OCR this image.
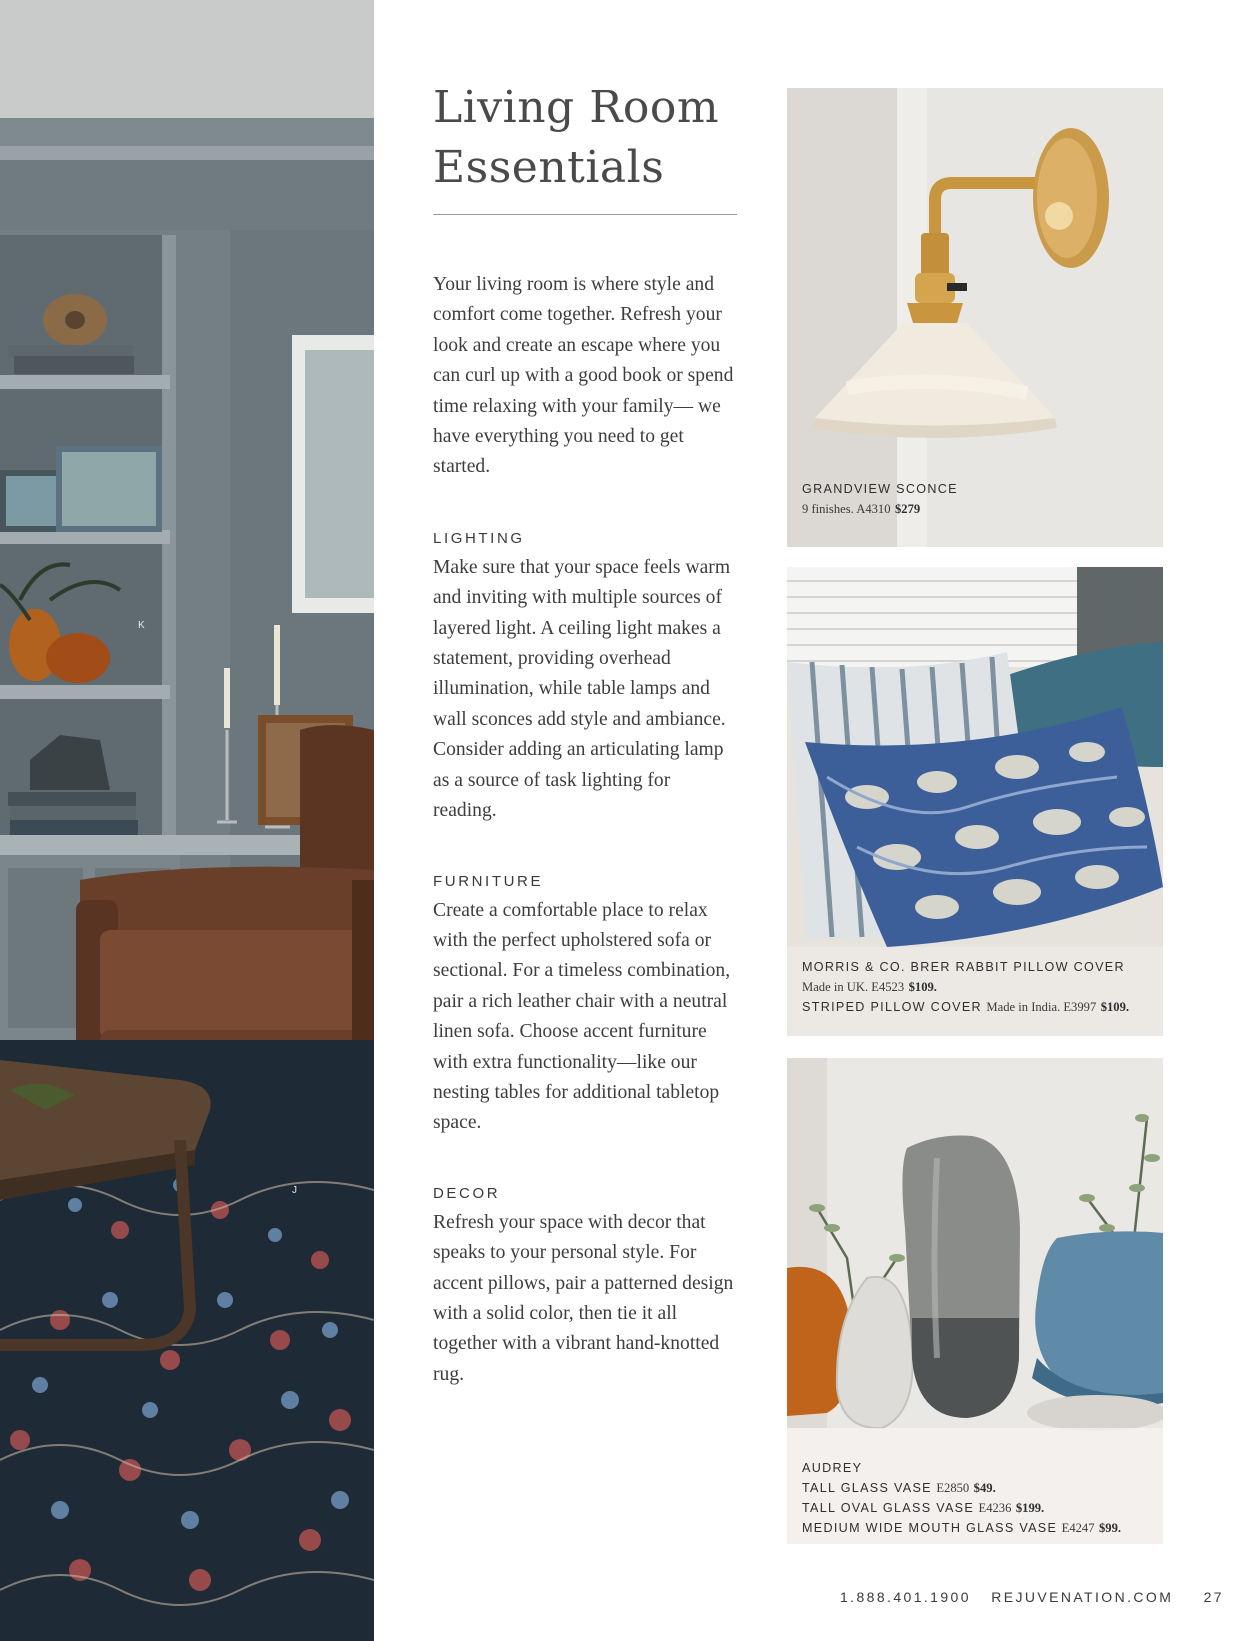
K
J
Living Room
Essentials

Your living room is where style and comfort come together. Refresh your look and create an escape where you can curl up with a good book or spend time relaxing with your family— we have everything you need to get started.

LIGHTING

Make sure that your space feels warm and inviting with multiple sources of layered light. A ceiling light makes a statement, providing overhead illumination, while table lamps and wall sconces add style and ambiance. Consider adding an articulating lamp as a source of task lighting for reading.

FURNITURE

Create a comfortable place to relax with the perfect upholstered sofa or sectional. For a timeless combination, pair a rich leather chair with a neutral linen sofa. Choose accent furniture with extra functionality—like our nesting tables for additional tabletop space.

DECOR

Refresh your space with decor that speaks to your personal style. For accent pillows, pair a patterned design with a solid color, then tie it all together with a vibrant hand-knotted rug.

GRANDVIEW SCONCE
9 finishes. A4310 $279
MORRIS & CO. BRER RABBIT PILLOW COVER
Made in UK. E4523 $109.
STRIPED PILLOW COVER Made in India. E3997 $109.
AUDREY
TALL GLASS VASE E2850 $49.
TALL OVAL GLASS VASE E4236 $199.
MEDIUM WIDE MOUTH GLASS VASE E4247 $99.
1.888.401.1900 REJUVENATION.COM 27
